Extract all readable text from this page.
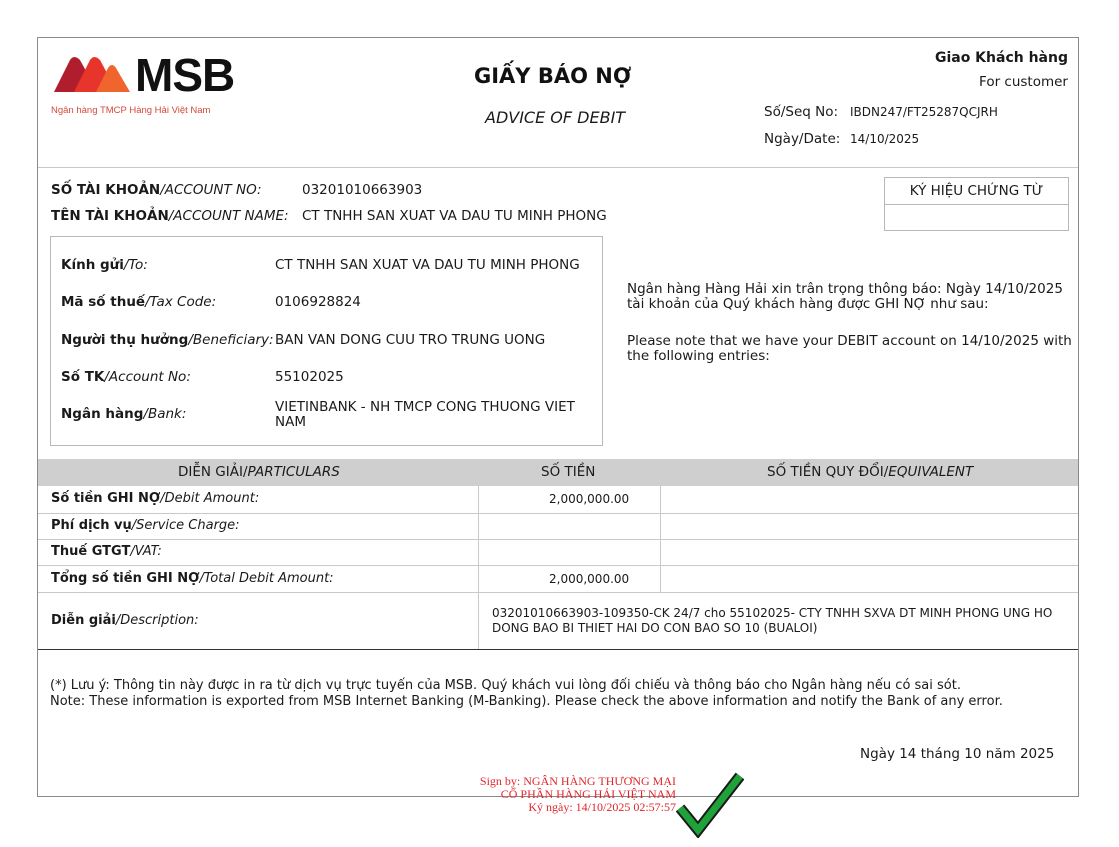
MSB
Ngân hàng TMCP Hàng Hải Việt Nam
GIẤY BÁO NỢ
ADVICE OF DEBIT
Giao Khách hàng
For customer
Số/Seq No: IBDN247/FT25287QCJRH
Ngày/Date: 14/10/2025
SỐ TÀI KHOẢN/ACCOUNT NO:	03201010663903
TÊN TÀI KHOẢN/ACCOUNT NAME: CT TNHH SAN XUAT VA DAU TU MINH PHONG
KÝ HIỆU CHỨNG TỪ
Kính gửi/To:	CT TNHH SAN XUAT VA DAU TU MINH PHONG
Mã số thuế/Tax Code:	0106928824
Người thụ hưởng/Beneficiary: BAN VAN DONG CUU TRO TRUNG UONG
Số TK/Account No:	55102025
Ngân hàng/Bank:	VIETINBANK - NH TMCP CONG THUONG VIET
NAM
Ngân hàng Hàng Hải xin trân trọng thông báo: Ngày 14/10/2025
tài khoản của Quý khách hàng được GHI NỢ như sau:
Please note that we have your DEBIT account on 14/10/2025 with
the following entries:
DIỄN GIẢI/PARTICULARS	SỐ TIỀN	SỐ TIỀN QUY ĐỔI/EQUIVALENT
Số tiền GHI NỢ/Debit Amount:	2,000,000.00
Phí dịch vụ/Service Charge:
Thuế GTGT/VAT:
Tổng số tiền GHI NỢ/Total Debit Amount:	2,000,000.00
Diễn giải/Description:	03201010663903-109350-CK 24/7 cho 55102025- CTY TNHH SXVA DT MINH PHONG UNG HO
DONG BAO BI THIET HAI DO CON BAO SO 10 (BUALOI)
(*) Lưu ý: Thông tin này được in ra từ dịch vụ trực tuyến của MSB. Quý khách vui lòng đối chiếu và thông báo cho Ngân hàng nếu có sai sót.
Note: These information is exported from MSB Internet Banking (M-Banking). Please check the above information and notify the Bank of any error.
Ngày 14 tháng 10 năm 2025
Sign by: NGÂN HÀNG THƯƠNG MẠI
CỔ PHẦN HÀNG HẢI VIỆT NAM
Ký ngày: 14/10/2025 02:57:57
